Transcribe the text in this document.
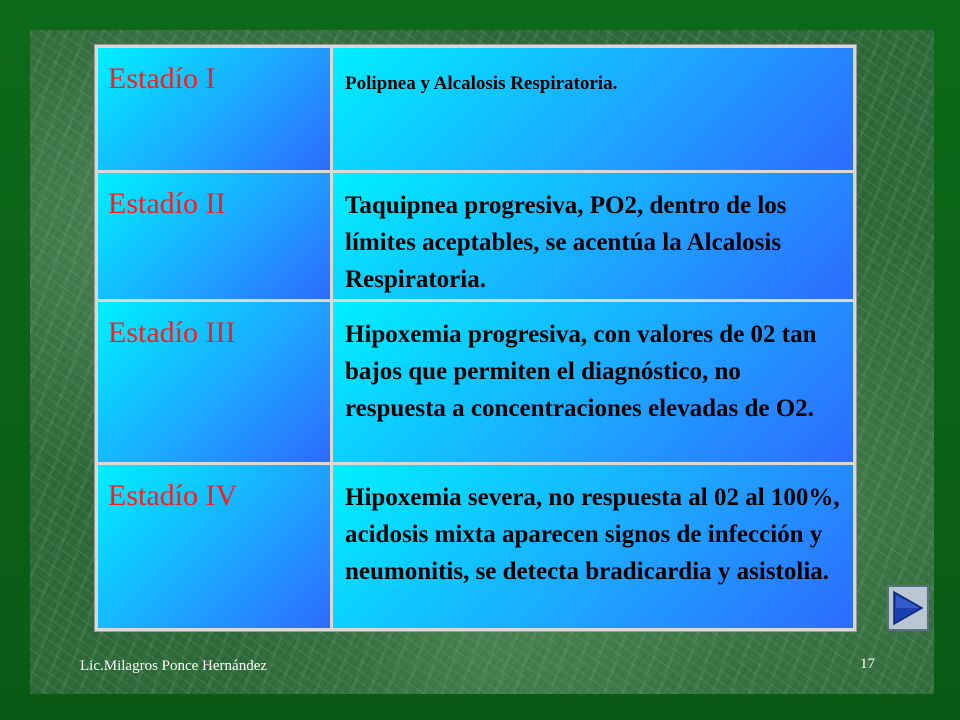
Estadío I	Polipnea y Alcalosis Respiratoria.
Estadío II	Taquipnea progresiva, PO2, dentro de los límites aceptables, se acentúa la Alcalosis Respiratoria.
Estadío III	Hipoxemia progresiva, con valores de 02 tan bajos que permiten el diagnóstico, no respuesta a concentraciones elevadas de O2.
Estadío IV	Hipoxemia severa, no respuesta al 02 al 100%, acidosis mixta aparecen signos de infección y neumonitis, se detecta bradicardia y asistolia.
Lic.Milagros Ponce Hernández	17
